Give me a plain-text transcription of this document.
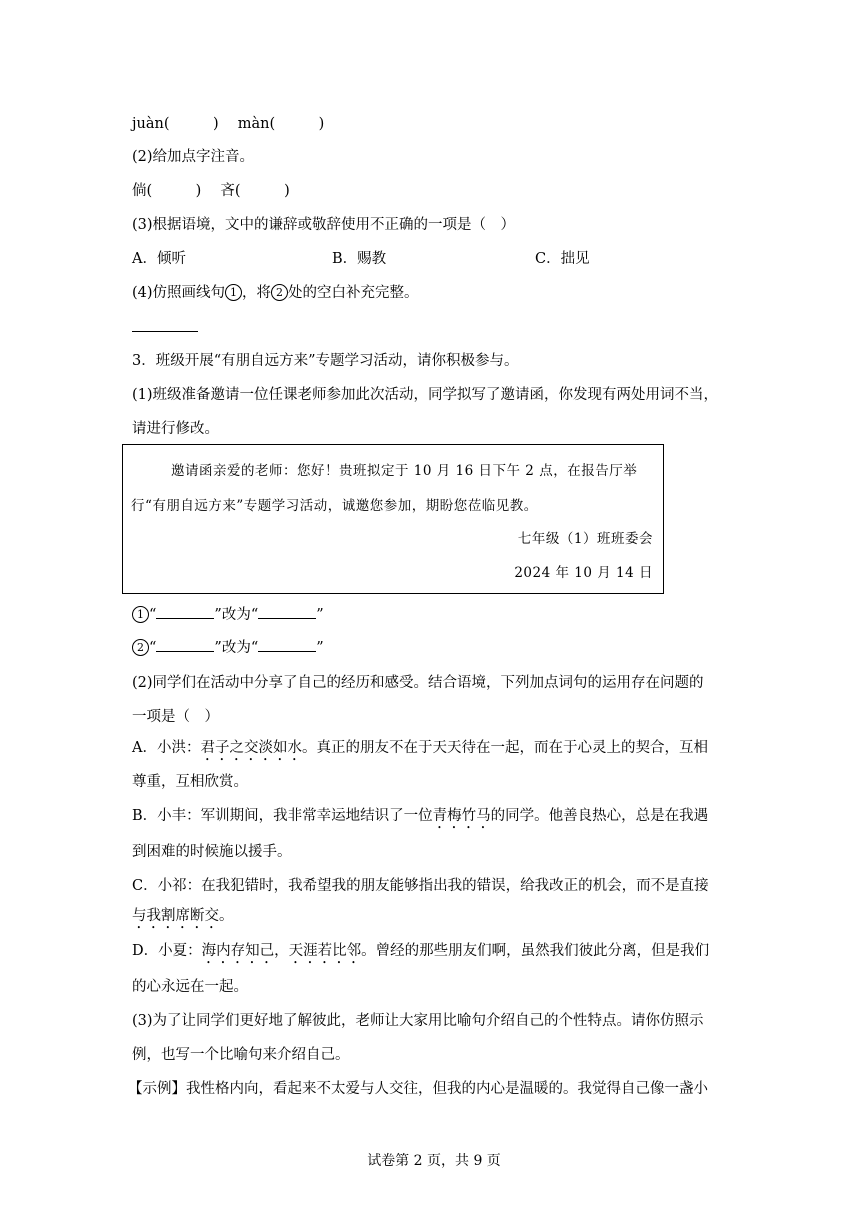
juàn(　　　)　 màn(　　　)
(2)给加点字注音。
倘(　　　)　 吝(　　　)
(3)根据语境，文中的谦辞或敬辞使用不正确的一项是（　）
A．倾听	B．赐教	C．拙见
(4)仿照画线句 1 ，将 2 处的空白补充完整。
3．班级开展“有朋自远方来”专题学习活动，请你积极参与。
(1)班级准备邀请一位任课老师参加此次活动，同学拟写了邀请函，你发现有两处用词不当，
请进行修改。
邀请函亲爱的老师：您好！贵班拟定于 10 月 16 日下午 2 点，在报告厅举
行“有朋自远方来”专题学习活动，诚邀您参加，期盼您莅临见教。
七年级（1）班班委会
2024 年 10 月 14 日
1 “	”改为“	”
2 “	”改为“	”
(2)同学们在活动中分享了自己的经历和感受。结合语境，下列加点词句的运用存在问题的
一项是（　）
A．小洪：君子之交淡如水。真正的朋友不在于天天待在一起，而在于心灵上的契合，互相
尊重，互相欣赏。
B．小丰：军训期间，我非常幸运地结识了一位青梅竹马的同学。他善良热心，总是在我遇
到困难的时候施以援手。
C．小祁：在我犯错时，我希望我的朋友能够指出我的错误，给我改正的机会，而不是直接
与我割席断交。
D．小夏：海内存知己，天涯若比邻。曾经的那些朋友们啊，虽然我们彼此分离，但是我们
的心永远在一起。
(3)为了让同学们更好地了解彼此，老师让大家用比喻句介绍自己的个性特点。请你仿照示
例，也写一个比喻句来介绍自己。
【示例】我性格内向，看起来不太爱与人交往，但我的内心是温暖的。我觉得自己像一盏小
试卷第 2 页，共 9 页
